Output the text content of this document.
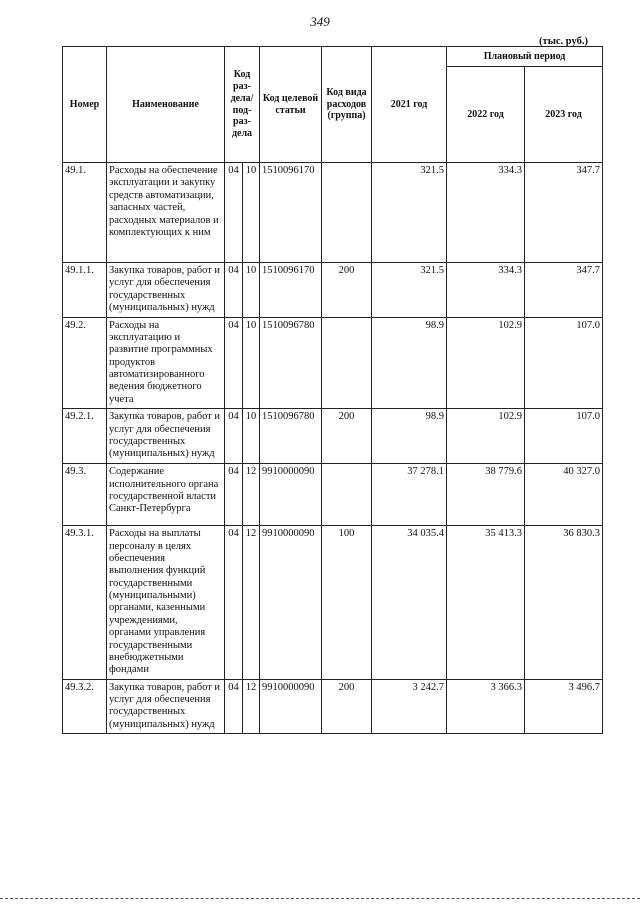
349
(тыс. руб.)
Номер	Наименование	Код раз-дела/ под-раз-дела		Код целевой статьи	Код вида расходов (группа)	2021 год	Плановый период	
							2022 год	2023 год
49.1.	Расходы на обеспечение эксплуатации и закупку средств автоматизации, запасных частей, расходных материалов и комплектующих к ним	04	10	1510096170		321.5	334.3	347.7
49.1.1.	Закупка товаров, работ и услуг для обеспечения государственных (муниципальных) нужд	04	10	1510096170	200	321.5	334.3	347.7
49.2.	Расходы на эксплуатацию и развитие программных продуктов автоматизированного ведения бюджетного учета	04	10	1510096780		98.9	102.9	107.0
49.2.1.	Закупка товаров, работ и услуг для обеспечения государственных (муниципальных) нужд	04	10	1510096780	200	98.9	102.9	107.0
49.3.	Содержание исполнительного органа государственной власти Санкт-Петербурга	04	12	9910000090		37 278.1	38 779.6	40 327.0
49.3.1.	Расходы на выплаты персоналу в целях обеспечения выполнения функций государственными (муниципальными) органами, казенными учреждениями, органами управления государственными внебюджетными фондами	04	12	9910000090	100	34 035.4	35 413.3	36 830.3
49.3.2.	Закупка товаров, работ и услуг для обеспечения государственных (муниципальных) нужд	04	12	9910000090	200	3 242.7	3 366.3	3 496.7
